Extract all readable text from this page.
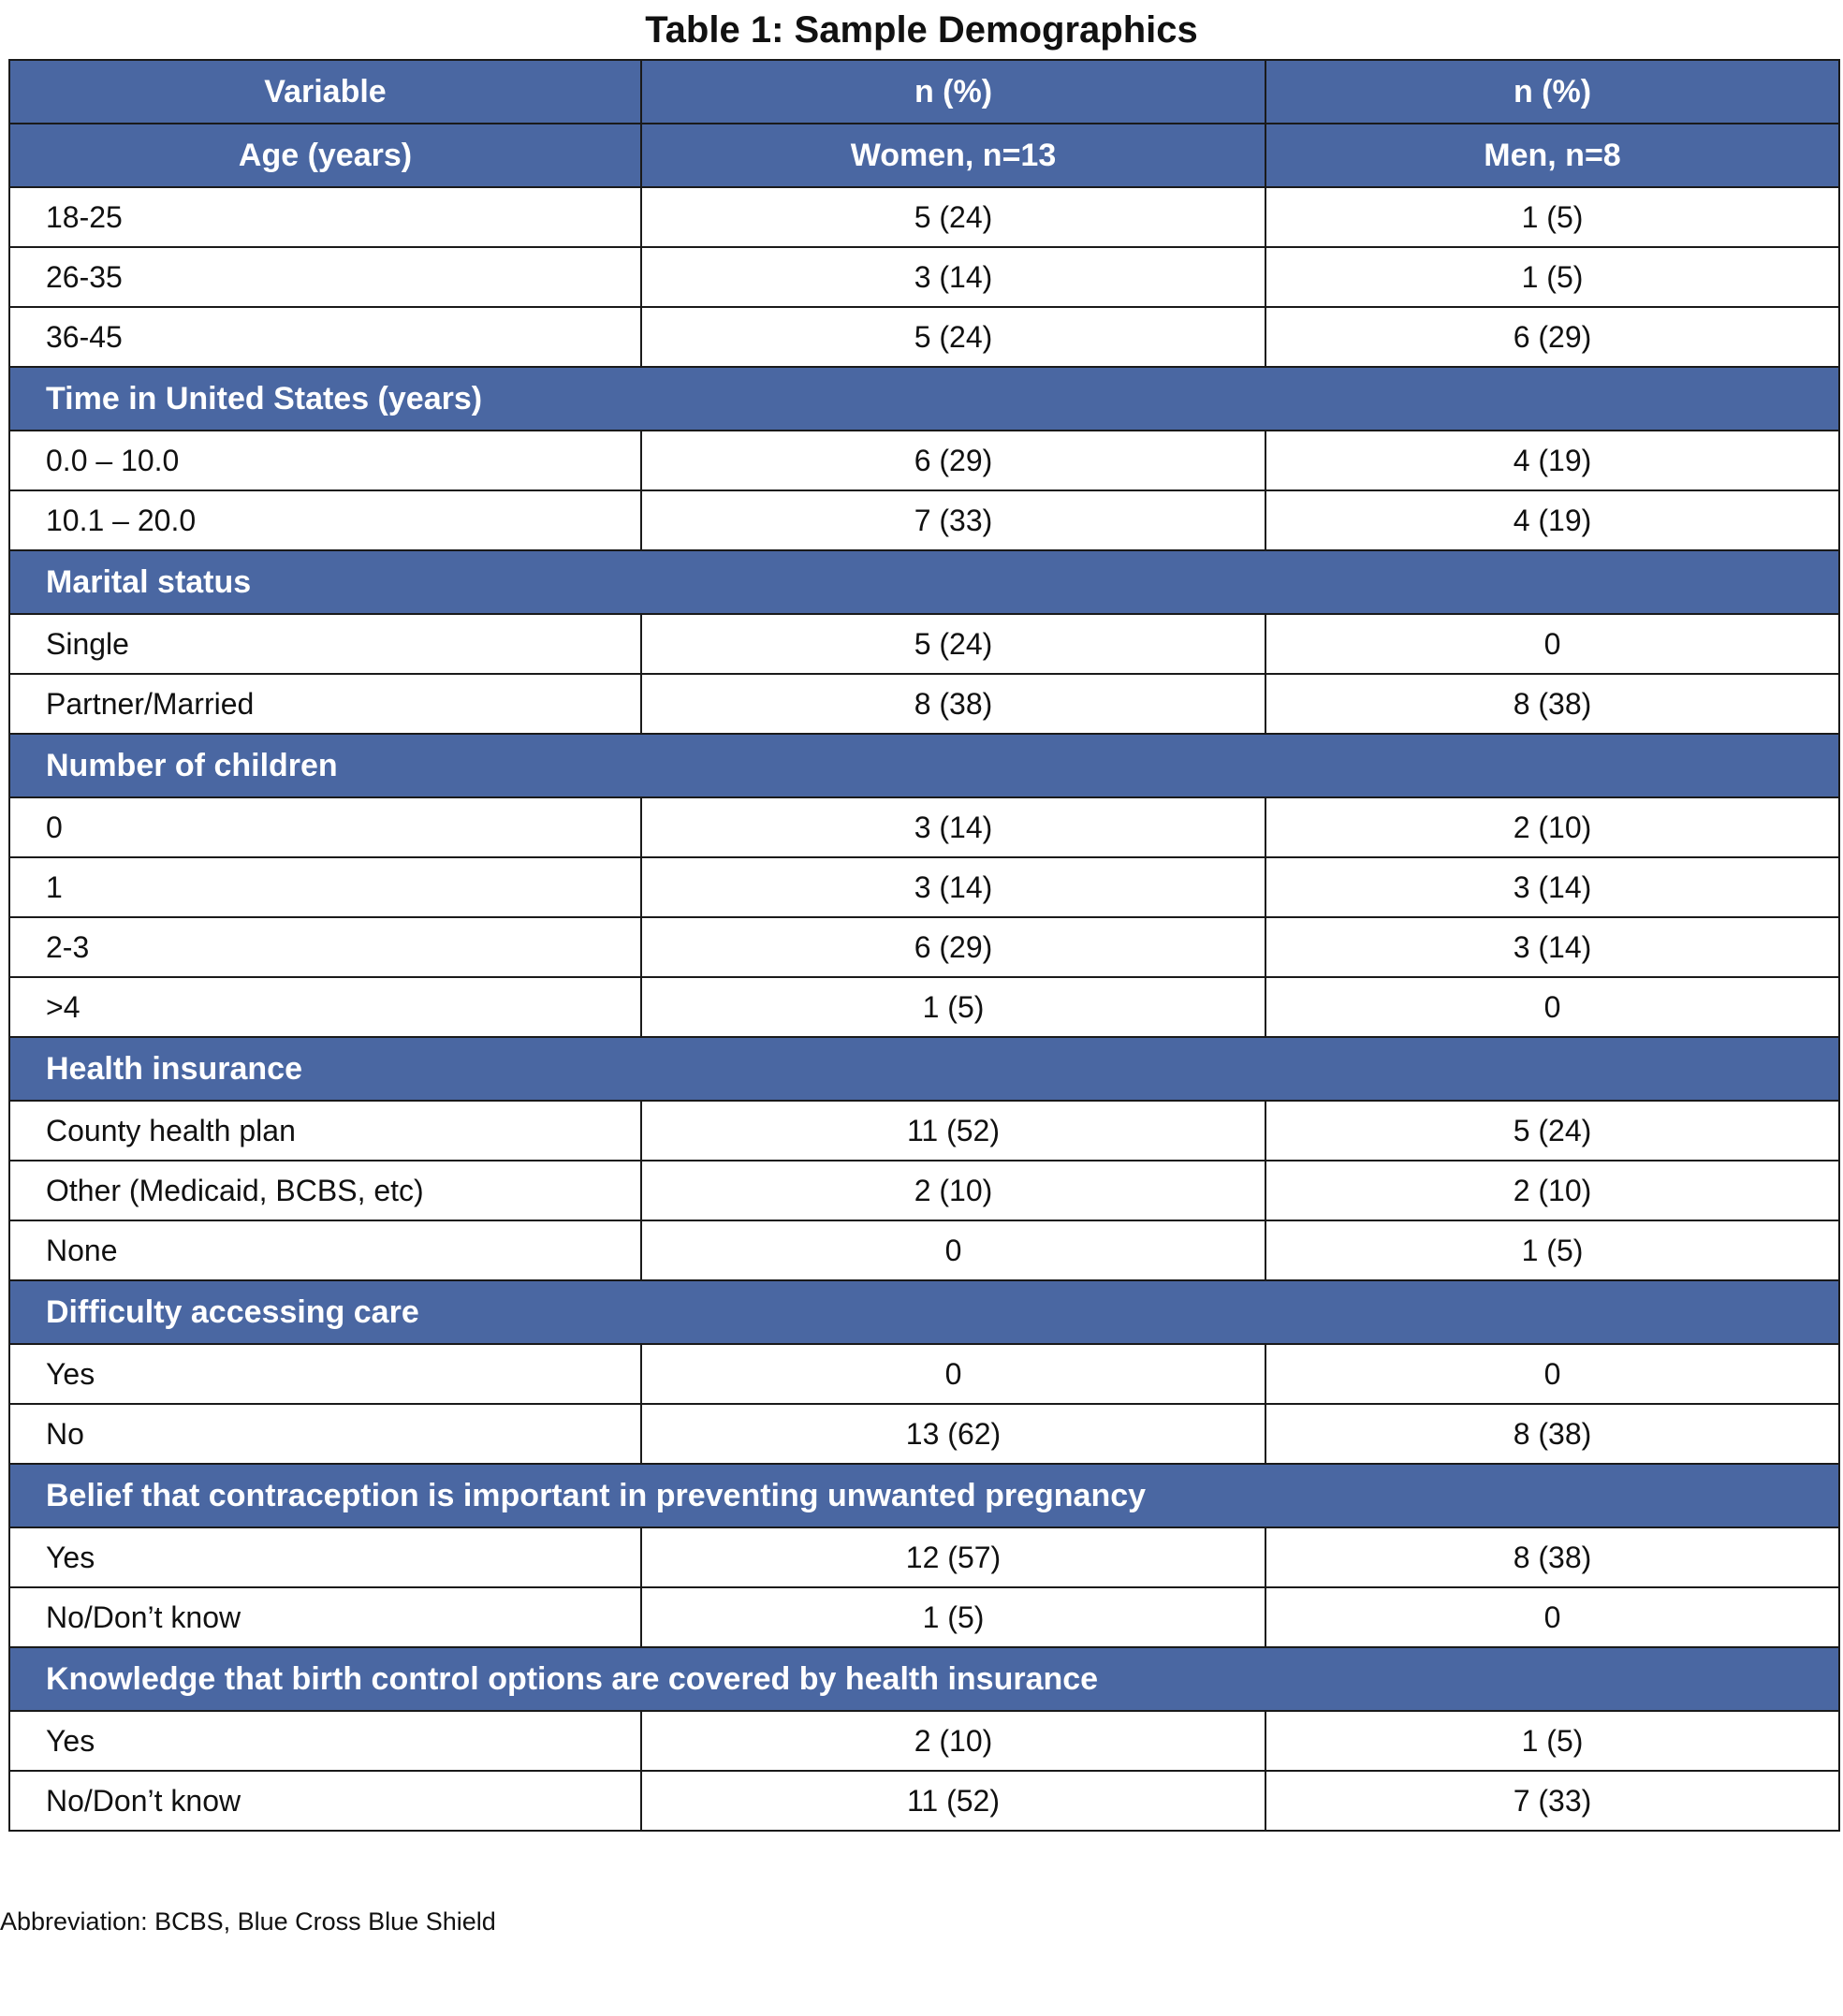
Table 1: Sample Demographics
Variable	n (%)	n (%)
Age (years)	Women, n=13	Men, n=8
18-25	5 (24)	1 (5)
26-35	3 (14)	1 (5)
36-45	5 (24)	6 (29)
Time in United States (years)		
0.0 – 10.0	6 (29)	4 (19)
10.1 – 20.0	7 (33)	4 (19)
Marital status		
Single	5 (24)	0
Partner/Married	8 (38)	8 (38)
Number of children		
0	3 (14)	2 (10)
1	3 (14)	3 (14)
2-3	6 (29)	3 (14)
>4	1 (5)	0
Health insurance		
County health plan	11 (52)	5 (24)
Other (Medicaid, BCBS, etc)	2 (10)	2 (10)
None	0	1 (5)
Difficulty accessing care		
Yes	0	0
No	13 (62)	8 (38)
Belief that contraception is important in preventing unwanted pregnancy		
Yes	12 (57)	8 (38)
No/Don’t know	1 (5)	0
Knowledge that birth control options are covered by health insurance		
Yes	2 (10)	1 (5)
No/Don’t know	11 (52)	7 (33)
Abbreviation: BCBS, Blue Cross Blue Shield
